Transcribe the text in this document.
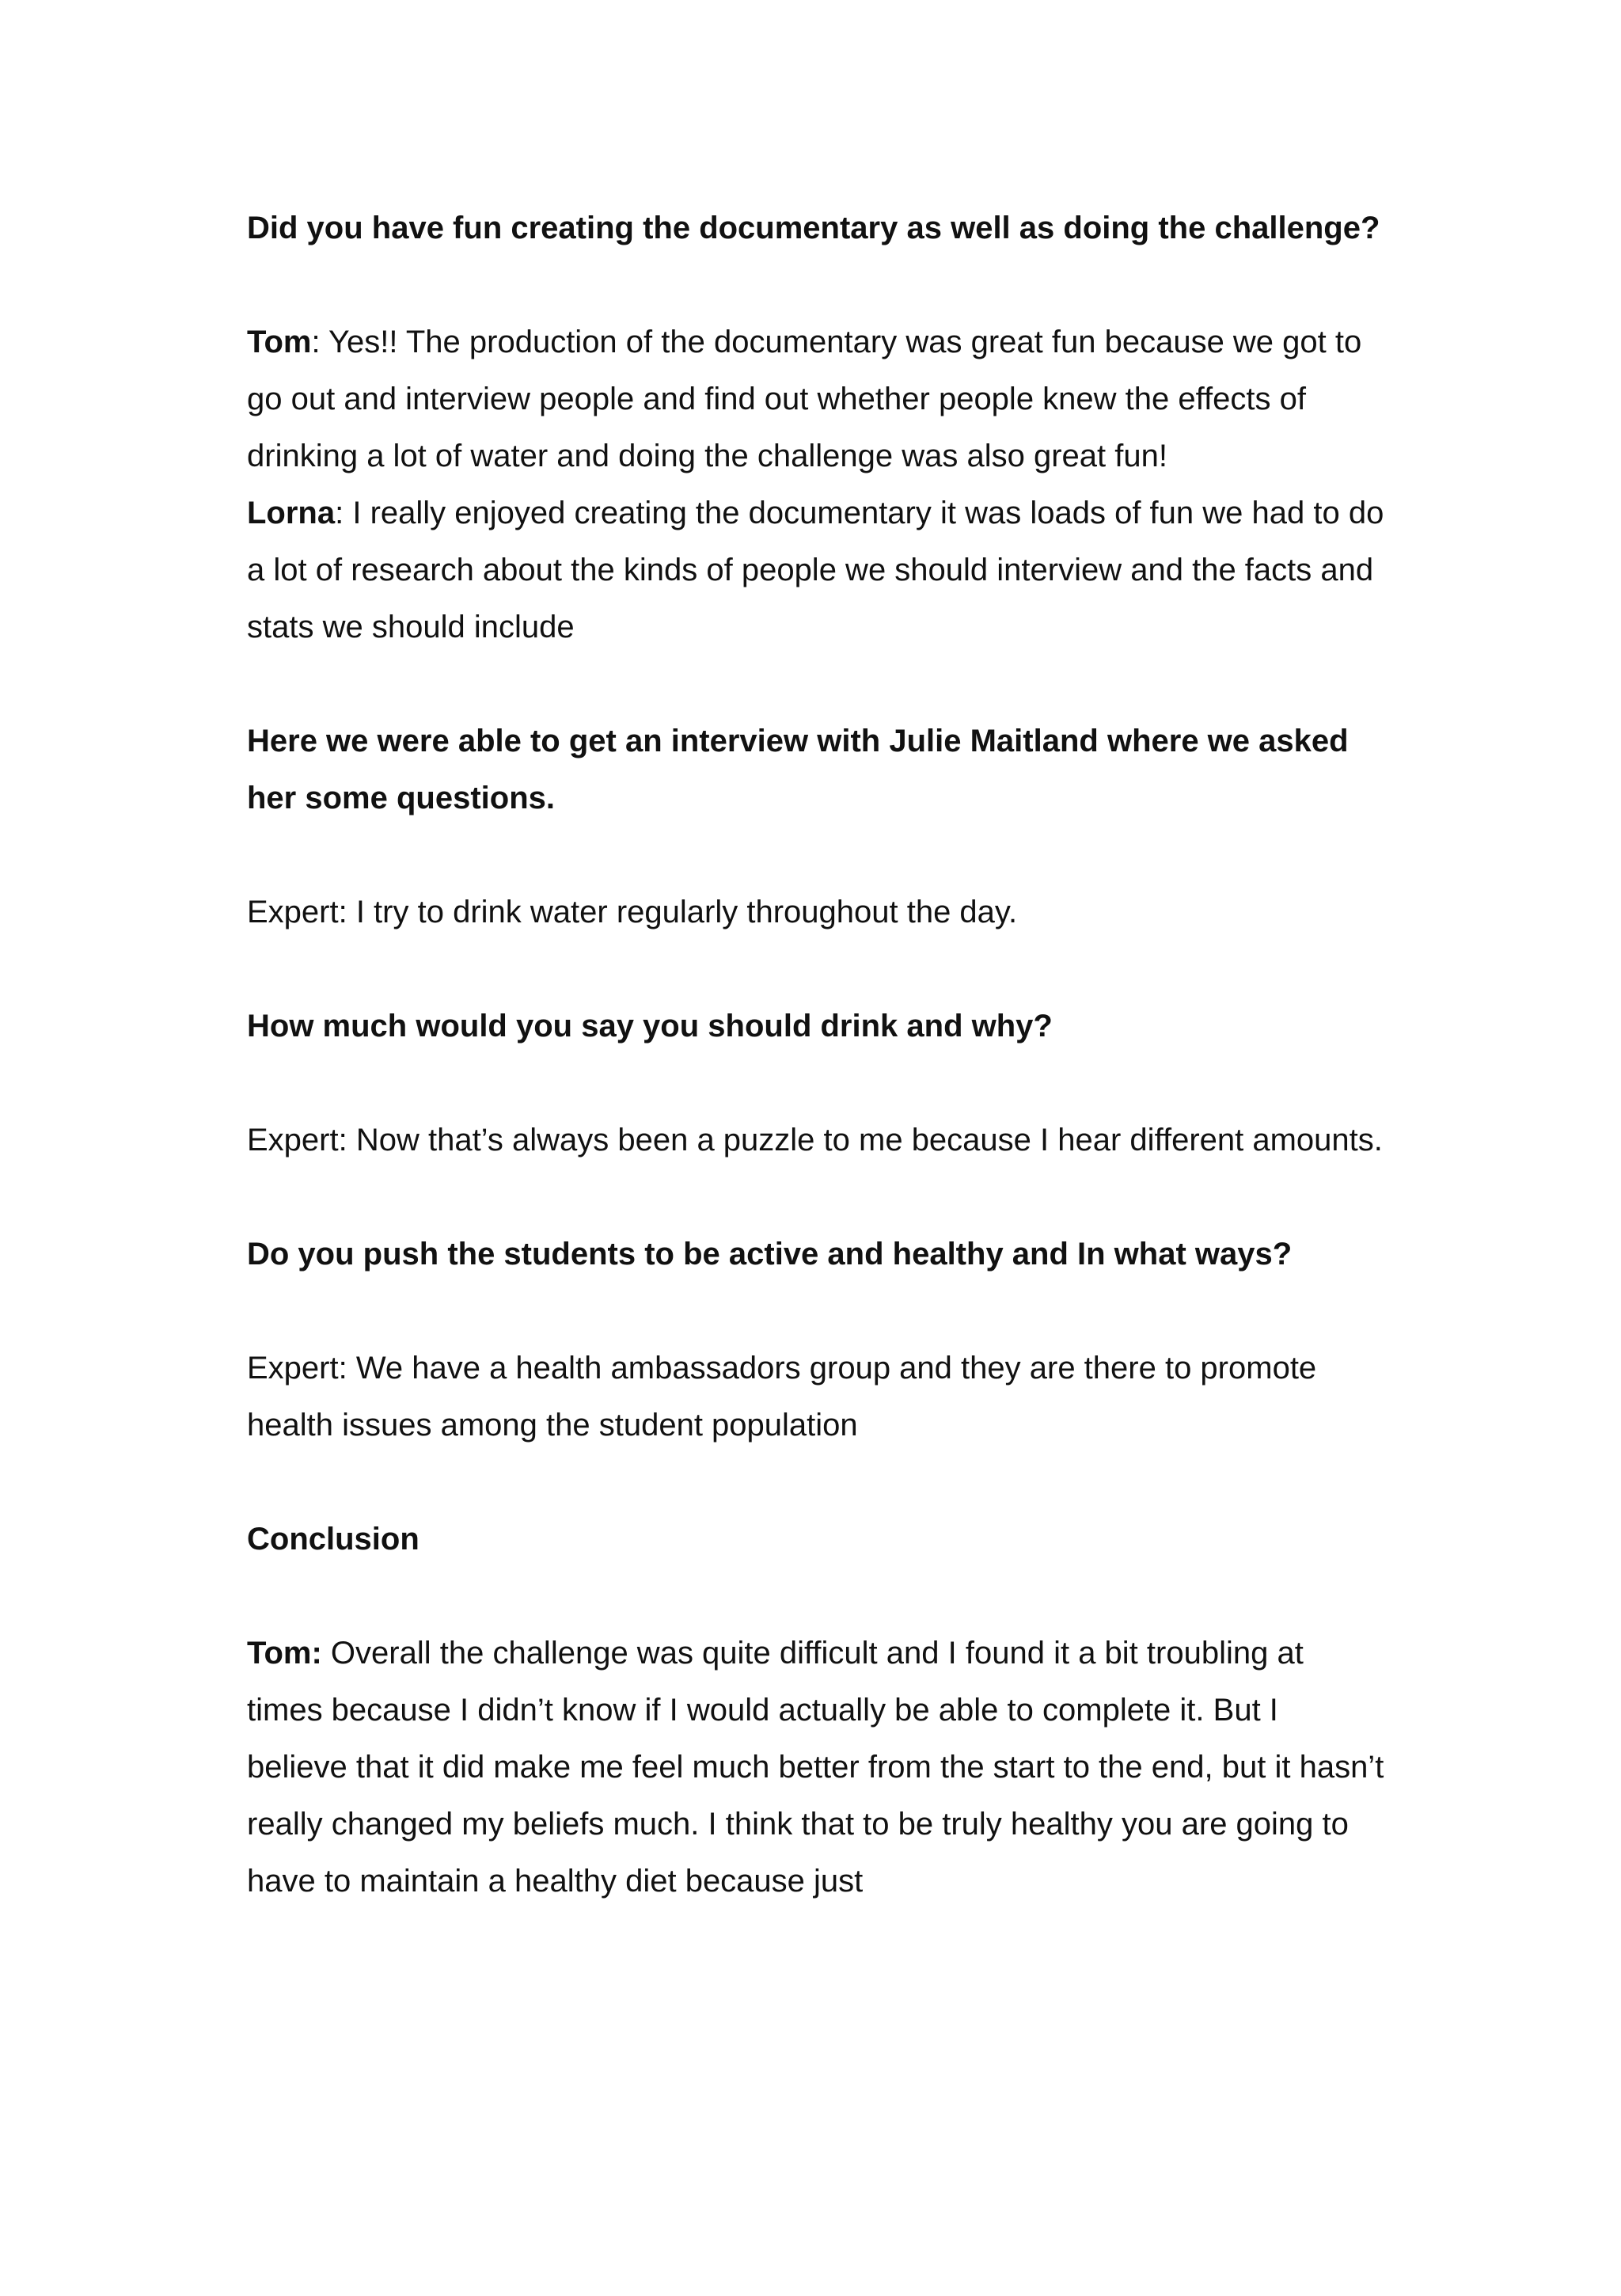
Did you have fun creating the documentary as well as doing the challenge?

Tom: Yes!! The production of the documentary was great fun because we got to go out and interview people and find out whether people knew the effects of drinking a lot of water and doing the challenge was also great fun!

Lorna: I really enjoyed creating the documentary it was loads of fun we had to do a lot of research about the kinds of people we should interview and the facts and stats we should include

Here we were able to get an interview with Julie Maitland where we asked her some questions.

Expert: I try to drink water regularly throughout the day.

How much would you say you should drink and why?

Expert: Now that’s always been a puzzle to me because I hear different amounts.

Do you push the students to be active and healthy and In what ways?

Expert: We have a health ambassadors group and they are there to promote health issues among the student population

Conclusion

Tom: Overall the challenge was quite difficult and I found it a bit troubling at times because I didn’t know if I would actually be able to complete it. But I believe that it did make me feel much better from the start to the end, but it hasn’t really changed my beliefs much. I think that to be truly healthy you are going to have to maintain a healthy diet because just
